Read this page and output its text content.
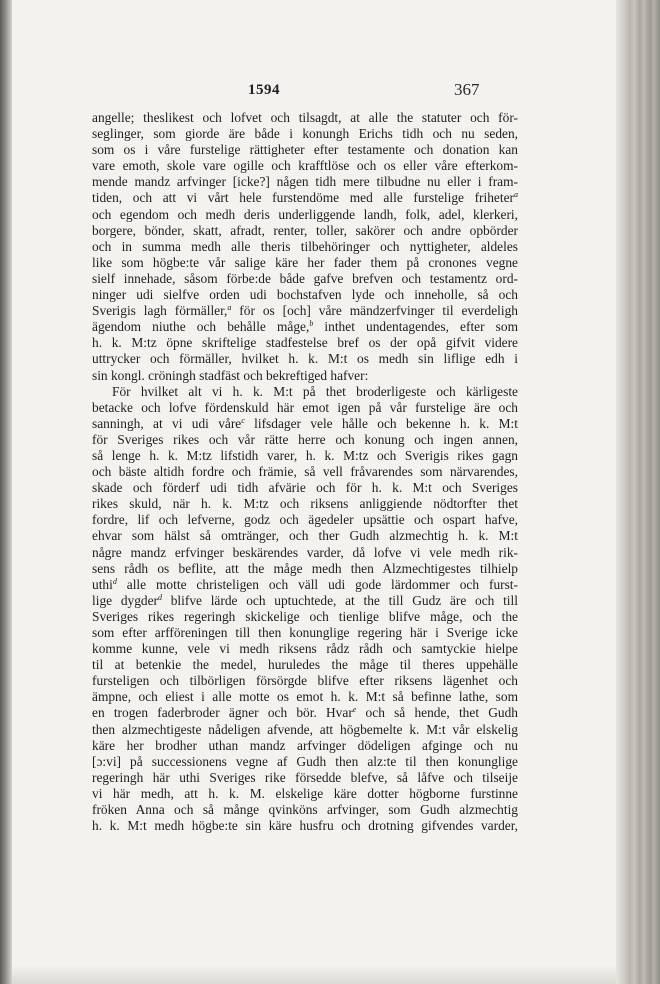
1594	367
angelle; theslikest och lofvet och tilsagdt, at alle the statuter och för-
seglinger, som giorde äre både i konungh Erichs tidh och nu seden,
som os i våre furstelige rättigheter efter testamente och donation kan
vare emoth, skole vare ogille och krafftlöse och os eller våre efterkom-
mende mandz arfvinger [icke?] någen tidh mere tilbudne nu eller i fram-
tiden, och att vi vårt hele furstendöme med alle furstelige friheter$^a$
och egendom och medh deris underliggende landh, folk, adel, klerkeri,
borgere, bönder, skatt, afradt, renter, toller, sakörer och andre opbörder
och in summa medh alle theris tilbehöringer och nyttigheter, aldeles
like som högbe:te vår salige käre her fader them på cronones vegne
sielf innehade, såsom förbe:de både gafve brefven och testamentz ord-
ninger udi sielfve orden udi bochstafven lyde och inneholle, så och
Sverigis lagh förmäller,$^a$ för os [och] våre mändzerfvinger til everdeligh
ägendom niuthe och behålle måge,$^b$ inthet undentagendes, efter som
h. k. M:tz öpne skriftelige stadfestelse bref os der opå gifvit videre
uttrycker och förmäller, hvilket h. k. M:t os medh sin liflige edh i
sin kongl. cröningh stadfäst och bekreftiged hafver:
För hvilket alt vi h. k. M:t på thet broderligeste och kärligeste
betacke och lofve fördenskuld här emot igen på vår furstelige äre och
sanningh, at vi udi våre$^c$ lifsdager vele hålle och bekenne h. k. M:t
för Sveriges rikes och vår rätte herre och konung och ingen annen,
så lenge h. k. M:tz lifstidh varer, h. k. M:tz och Sverigis rikes gagn
och bäste altidh fordre och främie, så vell fråvarendes som närvarendes,
skade och förderf udi tidh afvärie och för h. k. M:t och Sveriges
rikes skuld, när h. k. M:tz och riksens anliggiende nödtorfter thet
fordre, lif och lefverne, godz och ägedeler upsättie och ospart hafve,
ehvar som hälst så omtränger, och ther Gudh alzmechtig h. k. M:t
någre mandz erfvinger beskärendes varder, då lofve vi vele medh rik-
sens rådh os beflite, att the måge medh then Alzmechtigestes tilhielp
uthi$^d$ alle motte christeligen och väll udi gode lärdommer och furst-
lige dygder$^d$ blifve lärde och uptuchtede, at the till Gudz äre och till
Sveriges rikes regeringh skickelige och tienlige blifve måge, och the
som efter arfföreningen till then konunglige regering här i Sverige icke
komme kunne, vele vi medh riksens rådz rådh och samtyckie hielpe
til at betenkie the medel, huruledes the måge til theres uppehälle
fursteligen och tilbörligen försörgde blifve efter riksens lägenhet och
ämpne, och eliest i alle motte os emot h. k. M:t så befinne lathe, som
en trogen faderbroder ägner och bör. Hvar$^e$ och så hende, thet Gudh
then alzmechtigeste nådeligen afvende, att högbemelte k. M:t vår elskelig
käre her brodher uthan mandz arfvinger dödeligen afginge och nu
[ɔ:vi] på successionens vegne af Gudh then alz:te til then konunglige
regeringh här uthi Sveriges rike försedde blefve, så låfve och tilseije
vi här medh, att h. k. M. elskelige käre dotter högborne furstinne
fröken Anna och så månge qvinköns arfvinger, som Gudh alzmechtig
h. k. M:t medh högbe:te sin käre husfru och drotning gifvendes varder,
